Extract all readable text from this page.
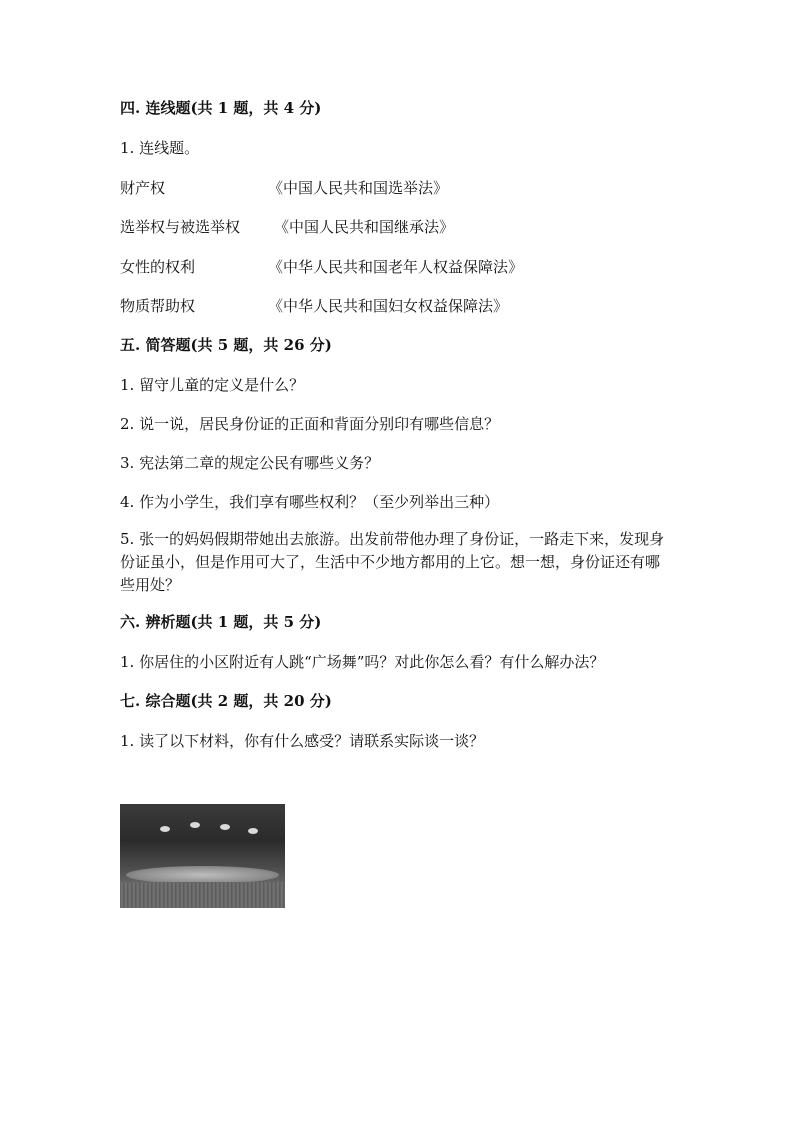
四. 连线题(共 1 题，共 4 分)
1. 连线题。
财产权	《中国人民共和国选举法》
选举权与被选举权 《中国人民共和国继承法》
女性的权利	《中华人民共和国老年人权益保障法》
物质帮助权	《中华人民共和国妇女权益保障法》
五. 简答题(共 5 题，共 26 分)
1. 留守儿童的定义是什么？
2. 说一说，居民身份证的正面和背面分别印有哪些信息？
3. 宪法第二章的规定公民有哪些义务？
4. 作为小学生，我们享有哪些权利？（至少列举出三种）
5. 张一的妈妈假期带她出去旅游。出发前带他办理了身份证，一路走下来，发现身份证虽小，但是作用可大了，生活中不少地方都用的上它。想一想，身份证还有哪些用处？
六. 辨析题(共 1 题，共 5 分)
1. 你居住的小区附近有人跳“广场舞”吗？对此你怎么看？有什么解办法？
七. 综合题(共 2 题，共 20 分)
1. 读了以下材料，你有什么感受？请联系实际谈一谈？
